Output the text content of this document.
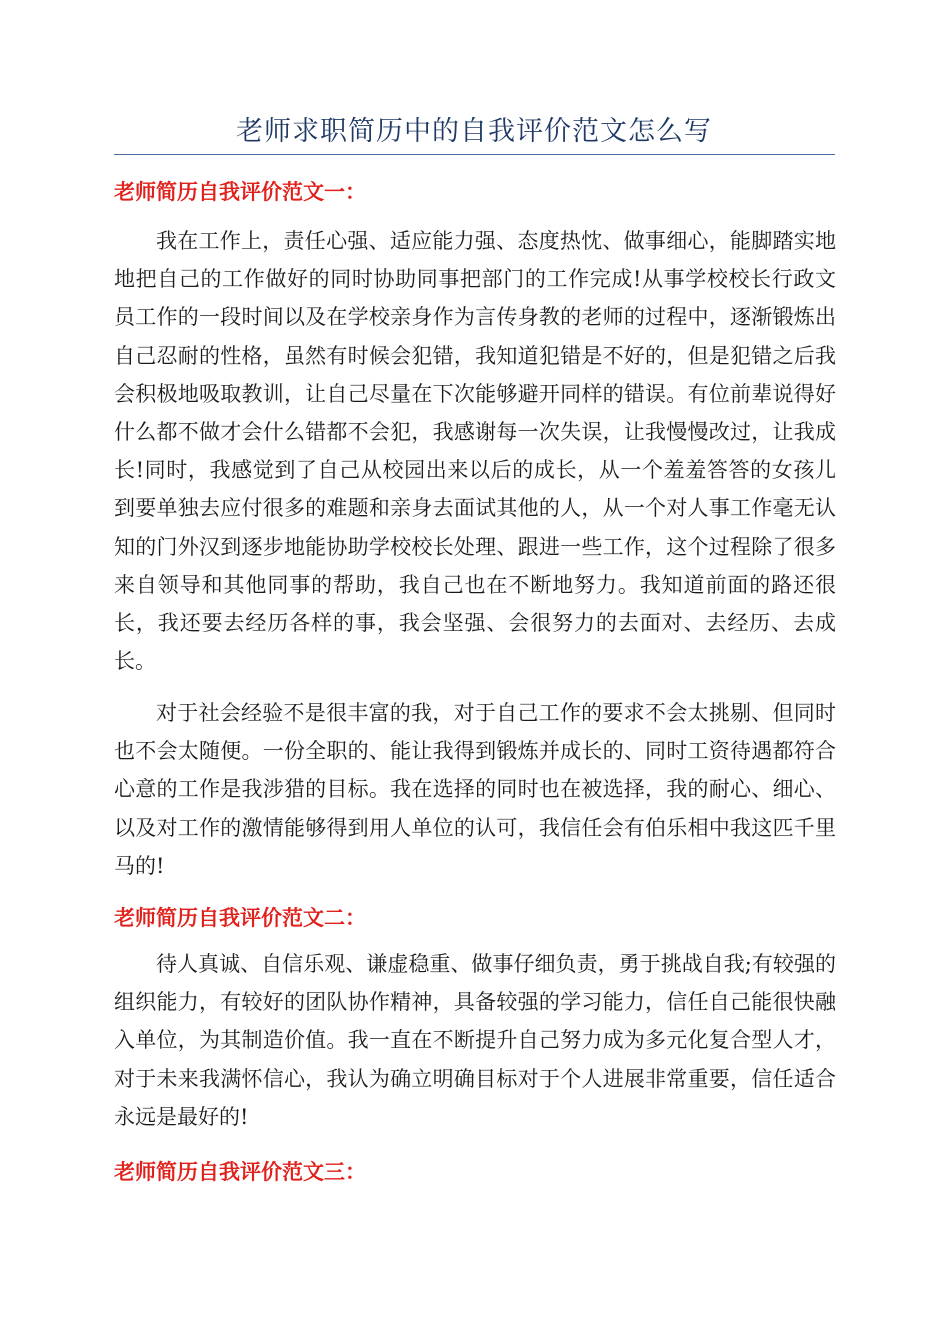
老师求职简历中的自我评价范文怎么写
老师简历自我评价范文一：
我在工作上，责任心强、适应能力强、态度热忱、做事细心，能脚踏实地地把自己的工作做好的同时协助同事把部门的工作完成!从事学校校长行政文员工作的一段时间以及在学校亲身作为言传身教的老师的过程中，逐渐锻炼出自己忍耐的性格，虽然有时候会犯错，我知道犯错是不好的，但是犯错之后我会积极地吸取教训，让自己尽量在下次能够避开同样的错误。有位前辈说得好什么都不做才会什么错都不会犯，我感谢每一次失误，让我慢慢改过，让我成长!同时，我感觉到了自己从校园出来以后的成长，从一个羞羞答答的女孩儿到要单独去应付很多的难题和亲身去面试其他的人，从一个对人事工作毫无认知的门外汉到逐步地能协助学校校长处理、跟进一些工作，这个过程除了很多来自领导和其他同事的帮助，我自己也在不断地努力。我知道前面的路还很长，我还要去经历各样的事，我会坚强、会很努力的去面对、去经历、去成长。
对于社会经验不是很丰富的我，对于自己工作的要求不会太挑剔、但同时也不会太随便。一份全职的、能让我得到锻炼并成长的、同时工资待遇都符合心意的工作是我涉猎的目标。我在选择的同时也在被选择，我的耐心、细心、以及对工作的激情能够得到用人单位的认可，我信任会有伯乐相中我这匹千里马的!
老师简历自我评价范文二：
待人真诚、自信乐观、谦虚稳重、做事仔细负责，勇于挑战自我;有较强的组织能力，有较好的团队协作精神，具备较强的学习能力，信任自己能很快融入单位，为其制造价值。我一直在不断提升自己努力成为多元化复合型人才，对于未来我满怀信心，我认为确立明确目标对于个人进展非常重要，信任适合永远是最好的!
老师简历自我评价范文三：
